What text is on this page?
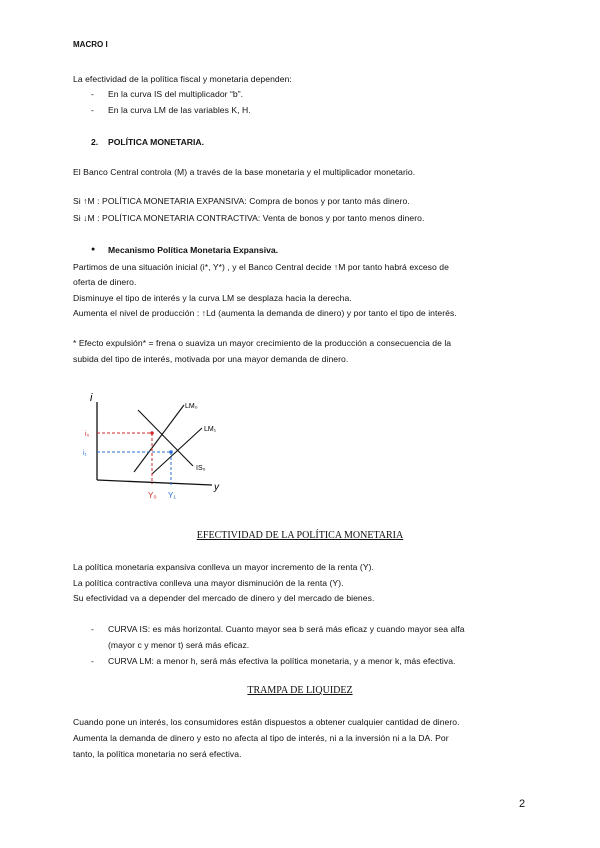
MACRO I
La efectividad de la política fiscal y monetaria dependen:
- En la curva IS del multiplicador “b”.
- En la curva LM de las variables K, H.
2. POLÍTICA MONETARIA.
El Banco Central controla (M) a través de la base monetaria y el multiplicador monetario.
Si ↑M : POLÍTICA MONETARIA EXPANSIVA: Compra de bonos y por tanto más dinero.
Si ↓M : POLÍTICA MONETARIA CONTRACTIVA: Venta de bonos y por tanto menos dinero.
● Mecanismo Política Monetaria Expansiva.
Partimos de una situación inicial (i*, Y*) , y el Banco Central decide ↑M por tanto habrá exceso de
oferta de dinero.
Disminuye el tipo de interés y la curva LM se desplaza hacia la derecha.
Aumenta el nivel de producción : ↑Ld (aumenta la demanda de dinero) y por tanto el tipo de interés.
* Efecto expulsión* = frena o suaviza un mayor crecimiento de la producción a consecuencia de la
subida del tipo de interés, motivada por una mayor demanda de dinero.
i
y
LM₀
LM₁
IS₀
i₀
i₁
Y₀ Y₁
EFECTIVIDAD DE LA POLÍTICA MONETARIA
La política monetaria expansiva conlleva un mayor incremento de la renta (Y).
La política contractiva conlleva una mayor disminución de la renta (Y).
Su efectividad va a depender del mercado de dinero y del mercado de bienes.
- CURVA IS: es más horizontal. Cuanto mayor sea b será más eficaz y cuando mayor sea alfa
(mayor c y menor t) será más eficaz.
- CURVA LM: a menor h, será más efectiva la política monetaria, y a menor k, más efectiva.
TRAMPA DE LIQUIDEZ
Cuando pone un interés, los consumidores están dispuestos a obtener cualquier cantidad de dinero.
Aumenta la demanda de dinero y esto no afecta al tipo de interés, ni a la inversión ni a la DA. Por
tanto, la política monetaria no será efectiva.
2
